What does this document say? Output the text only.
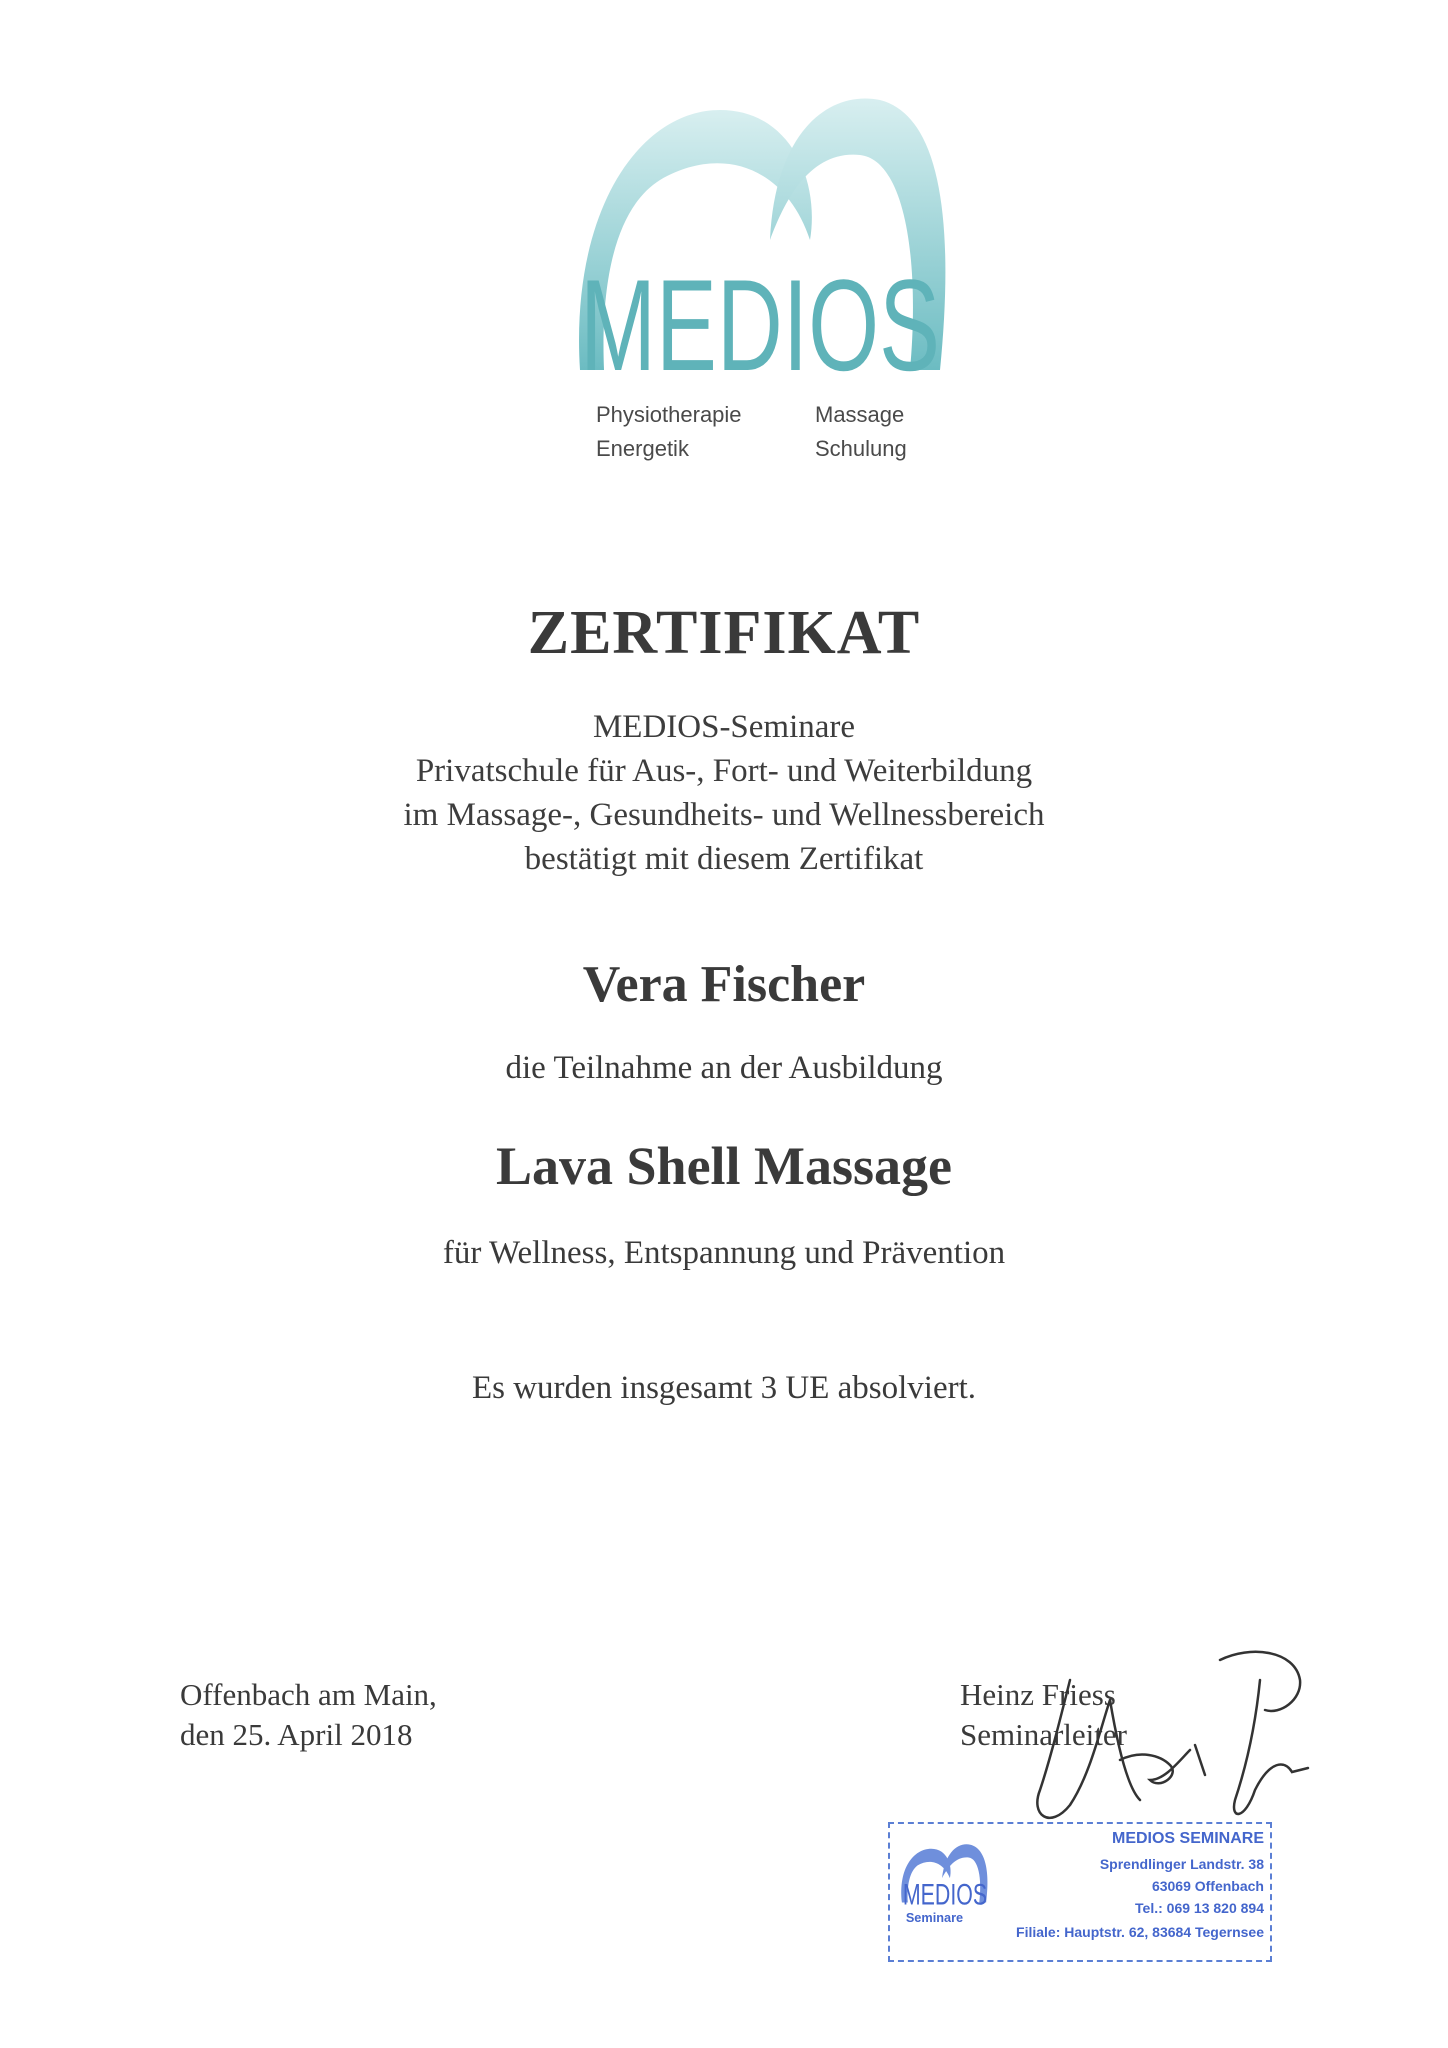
MEDIOS
Physiotherapie
Energetik
Massage
Schulung
ZERTIFIKAT
MEDIOS-Seminare
Privatschule für Aus-, Fort- und Weiterbildung
im Massage-, Gesundheits- und Wellnessbereich
bestätigt mit diesem Zertifikat
Vera Fischer
die Teilnahme an der Ausbildung
Lava Shell Massage
für Wellness, Entspannung und Prävention
Es wurden insgesamt 3 UE absolviert.
Offenbach am Main,
den 25. April 2018
Heinz Friess
Seminarleiter
MEDIOS
Seminare
MEDIOS SEMINARE
Sprendlinger Landstr. 38
63069 Offenbach
Tel.: 069 13 820 894
Filiale: Hauptstr. 62, 83684 Tegernsee
